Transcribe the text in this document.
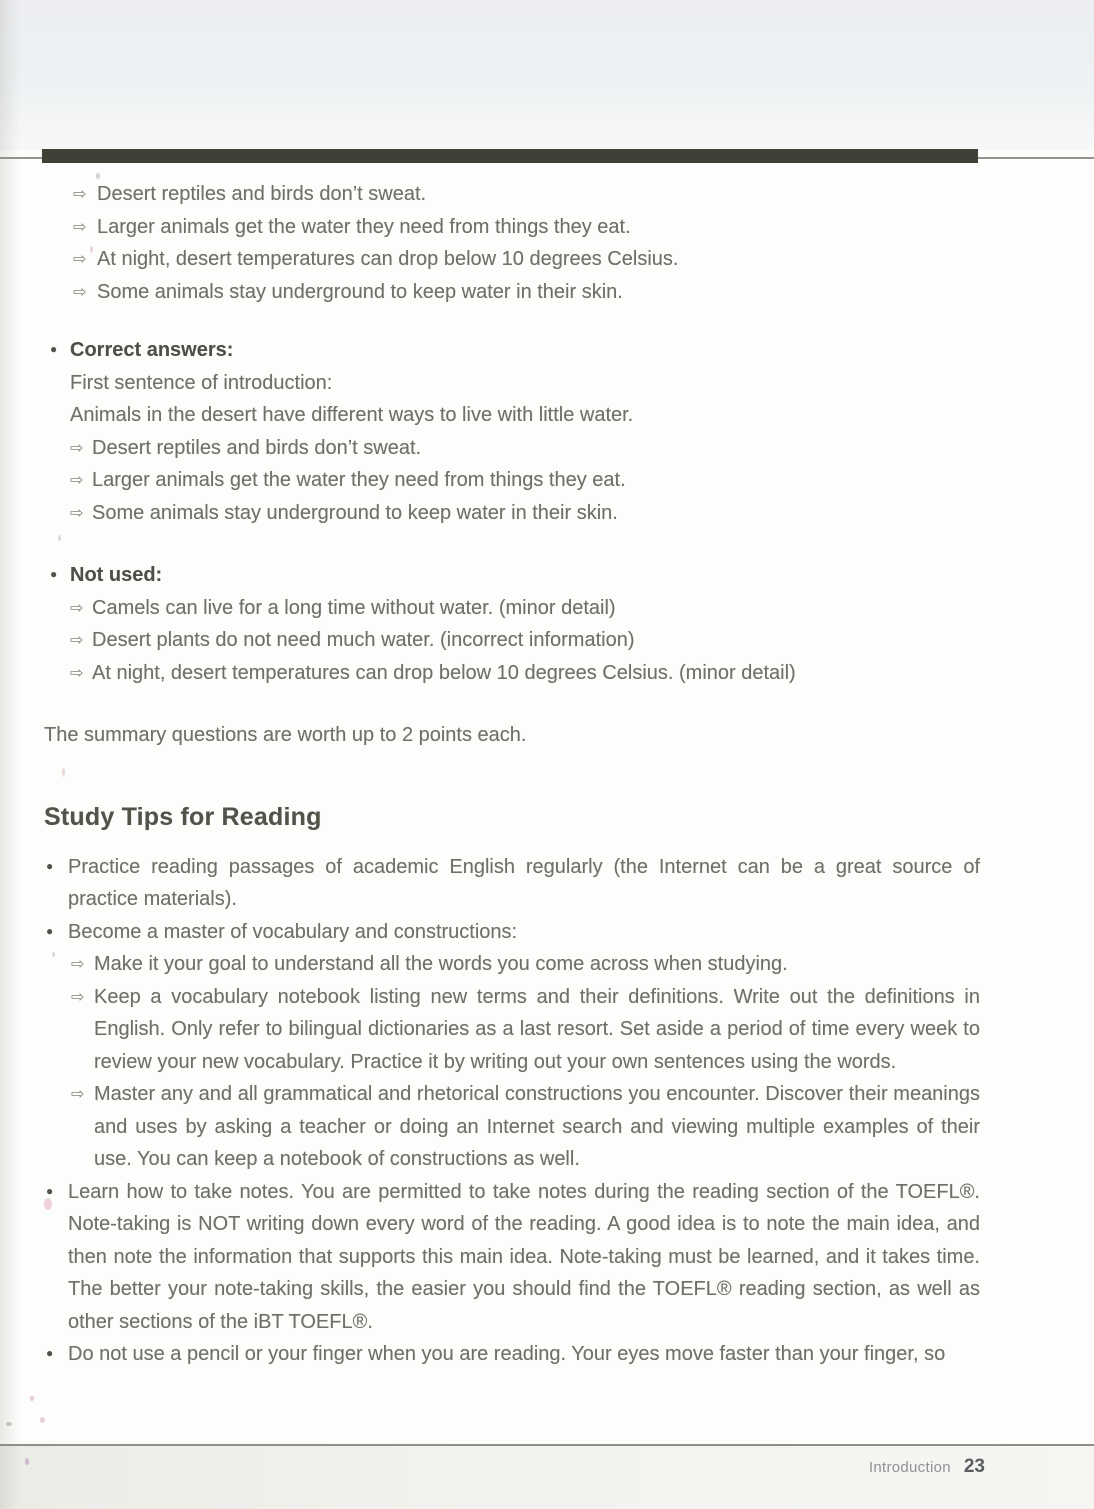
⇨ Desert reptiles and birds don’t sweat.
⇨ Larger animals get the water they need from things they eat.
⇨ At night, desert temperatures can drop below 10 degrees Celsius.
⇨ Some animals stay underground to keep water in their skin.
● Correct answers:
First sentence of introduction:
Animals in the desert have different ways to live with little water.
⇨ Desert reptiles and birds don’t sweat.
⇨ Larger animals get the water they need from things they eat.
⇨ Some animals stay underground to keep water in their skin.
● Not used:
⇨ Camels can live for a long time without water. (minor detail)
⇨ Desert plants do not need much water. (incorrect information)
⇨ At night, desert temperatures can drop below 10 degrees Celsius. (minor detail)
The summary questions are worth up to 2 points each.
Study Tips for Reading
● Practice reading passages of academic English regularly (the Internet can be a great source of practice materials).
● Become a master of vocabulary and constructions:
⇨ Make it your goal to understand all the words you come across when studying.
⇨ Keep a vocabulary notebook listing new terms and their definitions. Write out the definitions in English. Only refer to bilingual dictionaries as a last resort. Set aside a period of time every week to review your new vocabulary. Practice it by writing out your own sentences using the words.
⇨ Master any and all grammatical and rhetorical constructions you encounter. Discover their meanings and uses by asking a teacher or doing an Internet search and viewing multiple examples of their use. You can keep a notebook of constructions as well.
● Learn how to take notes. You are permitted to take notes during the reading section of the TOEFL®. Note-taking is NOT writing down every word of the reading. A good idea is to note the main idea, and then note the information that supports this main idea. Note-taking must be learned, and it takes time. The better your note-taking skills, the easier you should find the TOEFL® reading section, as well as other sections of the iBT TOEFL®.
● Do not use a pencil or your finger when you are reading. Your eyes move faster than your finger, so
Introduction 23
